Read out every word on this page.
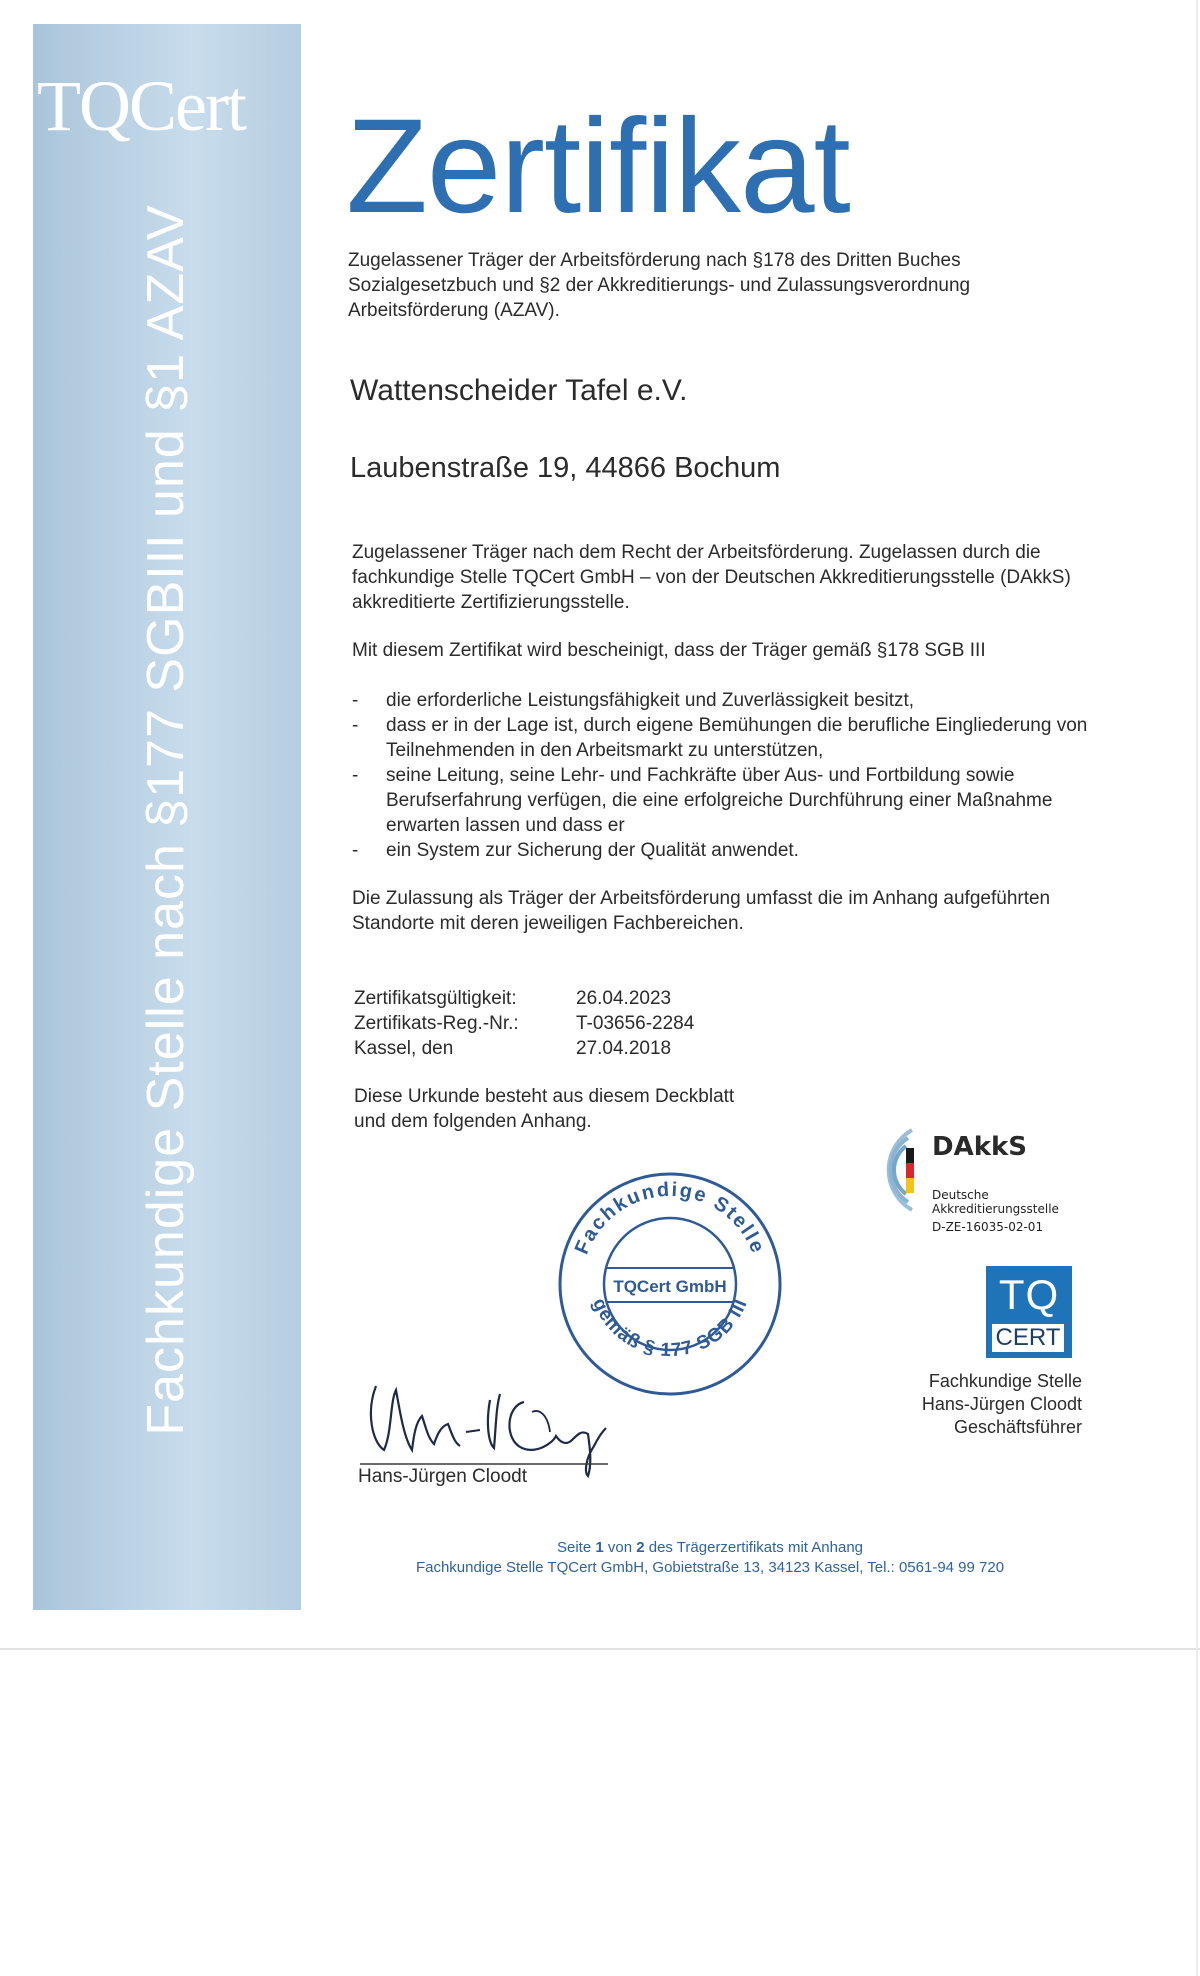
TQCert
Fachkundige Stelle nach §177 SGBIII und §1 AZAV
Zertifikat
Zugelassener Träger der Arbeitsförderung nach §178 des Dritten Buches Sozialgesetzbuch und §2 der Akkreditierungs- und Zulassungsverordnung Arbeitsförderung (AZAV).
Wattenscheider Tafel e.V.
Laubenstraße 19, 44866 Bochum
Zugelassener Träger nach dem Recht der Arbeitsförderung. Zugelassen durch die fachkundige Stelle TQCert GmbH – von der Deutschen Akkreditierungsstelle (DAkkS) akkreditierte Zertifizierungsstelle.
Mit diesem Zertifikat wird bescheinigt, dass der Träger gemäß §178 SGB III
- die erforderliche Leistungsfähigkeit und Zuverlässigkeit besitzt,
- dass er in der Lage ist, durch eigene Bemühungen die berufliche Eingliederung von Teilnehmenden in den Arbeitsmarkt zu unterstützen,
- seine Leitung, seine Lehr- und Fachkräfte über Aus- und Fortbildung sowie Berufserfahrung verfügen, die eine erfolgreiche Durchführung einer Maßnahme erwarten lassen und dass er
- ein System zur Sicherung der Qualität anwendet.
Die Zulassung als Träger der Arbeitsförderung umfasst die im Anhang aufgeführten Standorte mit deren jeweiligen Fachbereichen.
Zertifikatsgültigkeit:	26.04.2023
Zertifikats-Reg.-Nr.:	T-03656-2284
Kassel, den	27.04.2018
Diese Urkunde besteht aus diesem Deckblatt und dem folgenden Anhang.
Fachkundige Stelle
TQCert GmbH
gemäß § 177 SGB III
DAkkS
Deutsche
Akkreditierungsstelle
D-ZE-16035-02-01
TQ
CERT
Fachkundige Stelle
Hans-Jürgen Cloodt
Geschäftsführer
Hans-Jürgen Cloodt
Seite 1 von 2 des Trägerzertifikats mit Anhang
Fachkundige Stelle TQCert GmbH, Gobietstraße 13, 34123 Kassel, Tel.: 0561-94 99 720
